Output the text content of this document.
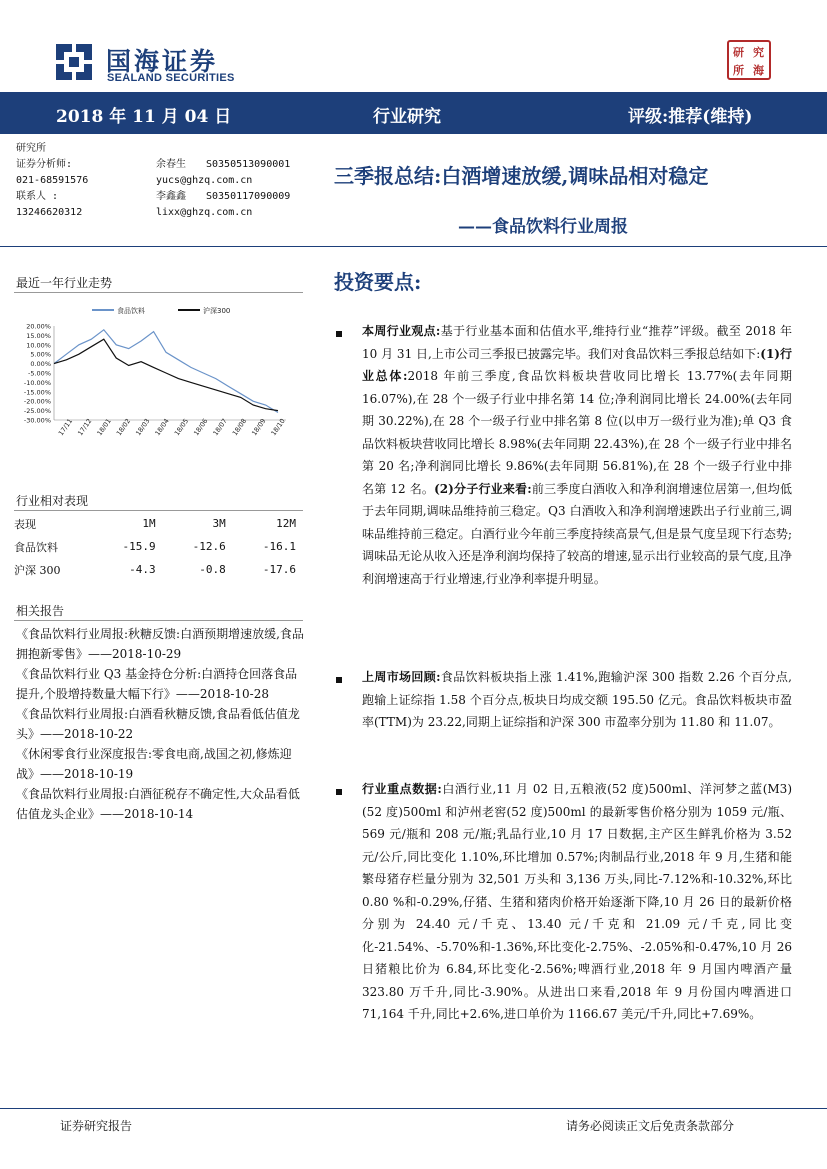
国海证券
SEALAND SECURITIES
研 究
所 海
2018 年 11 月 04 日	行业研究	评级:推荐(维持)
研究所
证券分析师:	余春生 S0350513090001
021-68591576	yucs@ghzq.com.cn
联系人 :	李鑫鑫 S0350117090009
13246620312	lixx@ghzq.com.cn
三季报总结:白酒增速放缓,调味品相对稳定
——食品饮料行业周报
最近一年行业走势
食品饮料	沪深300
20.00%
15.00%
10.00%
5.00%
0.00%
-5.00%
-10.00%
-15.00%
-20.00%
-25.00%
-30.00% 17/11 17/12 18/01 18/02 18/03 18/04 18/05 18/06 18/07 18/08 18/09 18/10
行业相对表现
表现	1M	3M	12M
食品饮料	-15.9	-12.6	-16.1
沪深 300	-4.3	-0.8	-17.6
相关报告
《食品饮料行业周报:秋糖反馈:白酒预期增速放缓,食品拥抱新零售》——2018-10-29
《食品饮料行业 Q3 基金持仓分析:白酒持仓回落食品提升,个股增持数量大幅下行》——2018-10-28
《食品饮料行业周报:白酒看秋糖反馈,食品看低估值龙头》——2018-10-22
《休闲零食行业深度报告:零食电商,战国之初,修炼迎战》——2018-10-19
《食品饮料行业周报:白酒征税存不确定性,大众品看低估值龙头企业》——2018-10-14
投资要点:
本周行业观点:基于行业基本面和估值水平,维持行业“推荐”评级。截至 2018 年 10 月 31 日,上市公司三季报已披露完毕。我们对食品饮料三季报总结如下:(1)行业总体:2018 年前三季度,食品饮料板块营收同比增长 13.77%(去年同期 16.07%),在 28 个一级子行业中排名第 14 位;净利润同比增长 24.00%(去年同期 30.22%),在 28 个一级子行业中排名第 8 位(以申万一级行业为准);单 Q3 食品饮料板块营收同比增长 8.98%(去年同期 22.43%),在 28 个一级子行业中排名第 20 名;净利润同比增长 9.86%(去年同期 56.81%),在 28 个一级子行业中排名第 12 名。(2)分子行业来看:前三季度白酒收入和净利润增速位居第一,但均低于去年同期,调味品维持前三稳定。Q3 白酒收入和净利润增速跌出子行业前三,调味品维持前三稳定。白酒行业今年前三季度持续高景气,但是景气度呈现下行态势;调味品无论从收入还是净利润均保持了较高的增速,显示出行业较高的景气度,且净利润增速高于行业增速,行业净利率提升明显。
上周市场回顾:食品饮料板块指上涨 1.41%,跑输沪深 300 指数 2.26 个百分点,跑输上证综指 1.58 个百分点,板块日均成交额 195.50 亿元。食品饮料板块市盈率(TTM)为 23.22,同期上证综指和沪深 300 市盈率分别为 11.80 和 11.07。
行业重点数据:白酒行业,11 月 02 日,五粮液(52 度)500ml、洋河梦之蓝(M3)(52 度)500ml 和泸州老窖(52 度)500ml 的最新零售价格分别为 1059 元/瓶、569 元/瓶和 208 元/瓶;乳品行业,10 月 17 日数据,主产区生鲜乳价格为 3.52 元/公斤,同比变化 1.10%,环比增加 0.57%;肉制品行业,2018 年 9 月,生猪和能繁母猪存栏量分别为 32,501 万头和 3,136 万头,同比-7.12%和-10.32%,环比 0.80 %和-0.29%,仔猪、生猪和猪肉价格开始逐渐下降,10 月 26 日的最新价格分别为 24.40 元/千克、13.40 元/千克和 21.09 元/千克,同比变化-21.54%、-5.70%和-1.36%,环比变化-2.75%、-2.05%和-0.47%,10 月 26 日猪粮比价为 6.84,环比变化-2.56%;啤酒行业,2018 年 9 月国内啤酒产量 323.80 万千升,同比-3.90%。从进出口来看,2018 年 9 月份国内啤酒进口 71,164 千升,同比+2.6%,进口单价为 1166.67 美元/千升,同比+7.69%。
证券研究报告	请务必阅读正文后免责条款部分
